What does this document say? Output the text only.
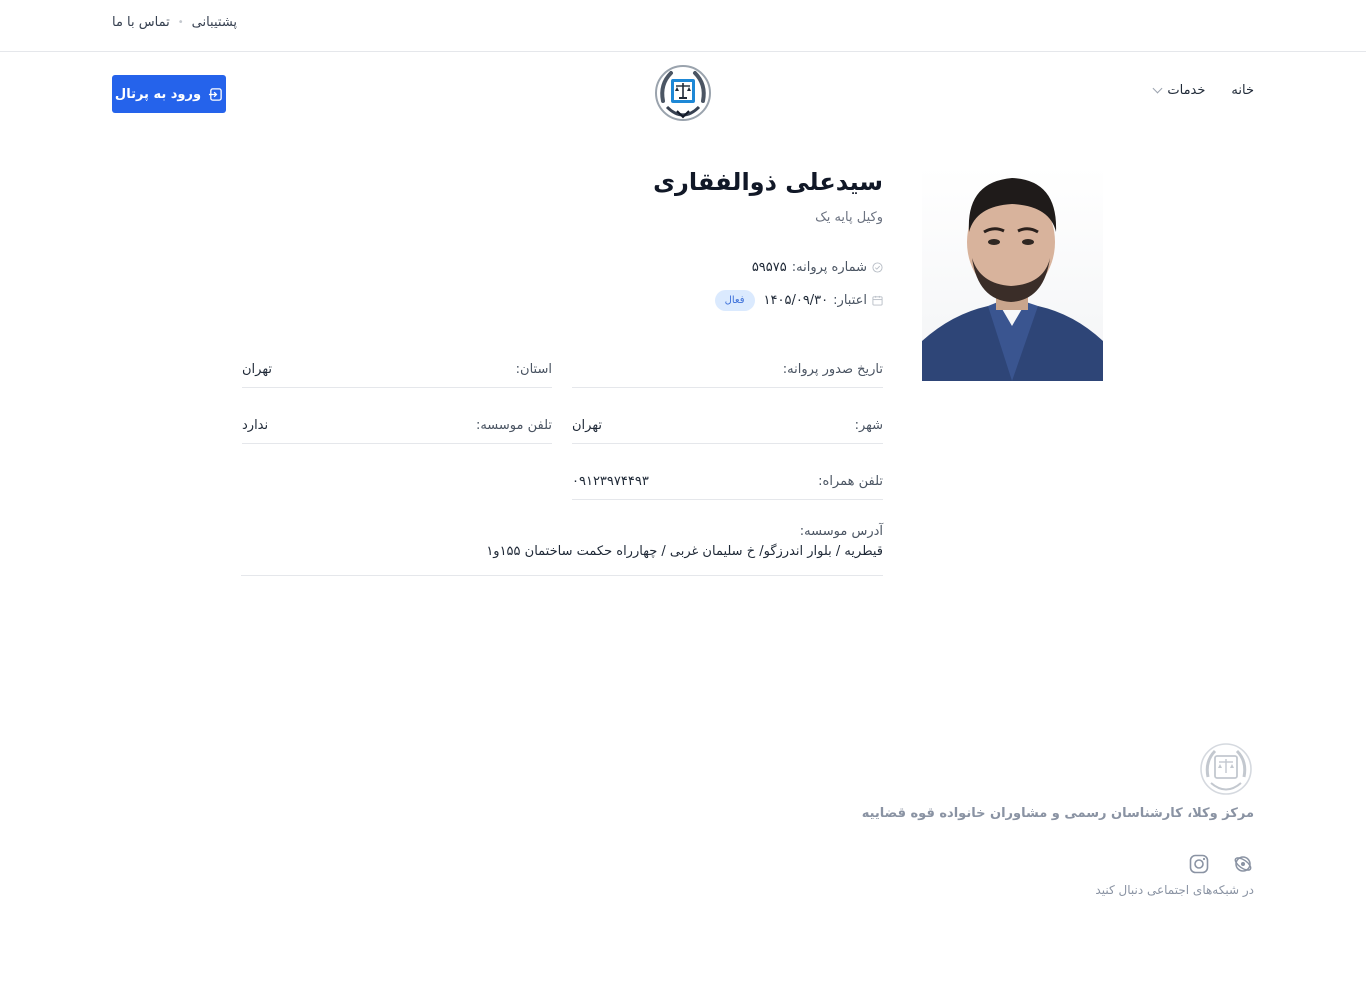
پشتیبانی
•
تماس با ما
خانه
خدمات
ورود به پرتال
سیدعلی ذوالفقاری
وکیل پایه یک
شماره پروانه:
۵۹۵۷۵
اعتبار:
۱۴۰۵/۰۹/۳۰
فعال
تاریخ صدور پروانه:
استان:
تهران
شهر:
تهران
تلفن موسسه:
ندارد
تلفن همراه:
۰۹۱۲۳۹۷۴۴۹۳
آدرس موسسه:
قیطریه / بلوار اندرزگو/ خ سلیمان غربی / چهارراه حکمت ساختمان ۱۵۵و۱
مرکز وکلا، کارشناسان رسمی و مشاوران خانواده قوه قضاییه
در شبکه‌های اجتماعی دنبال کنید
